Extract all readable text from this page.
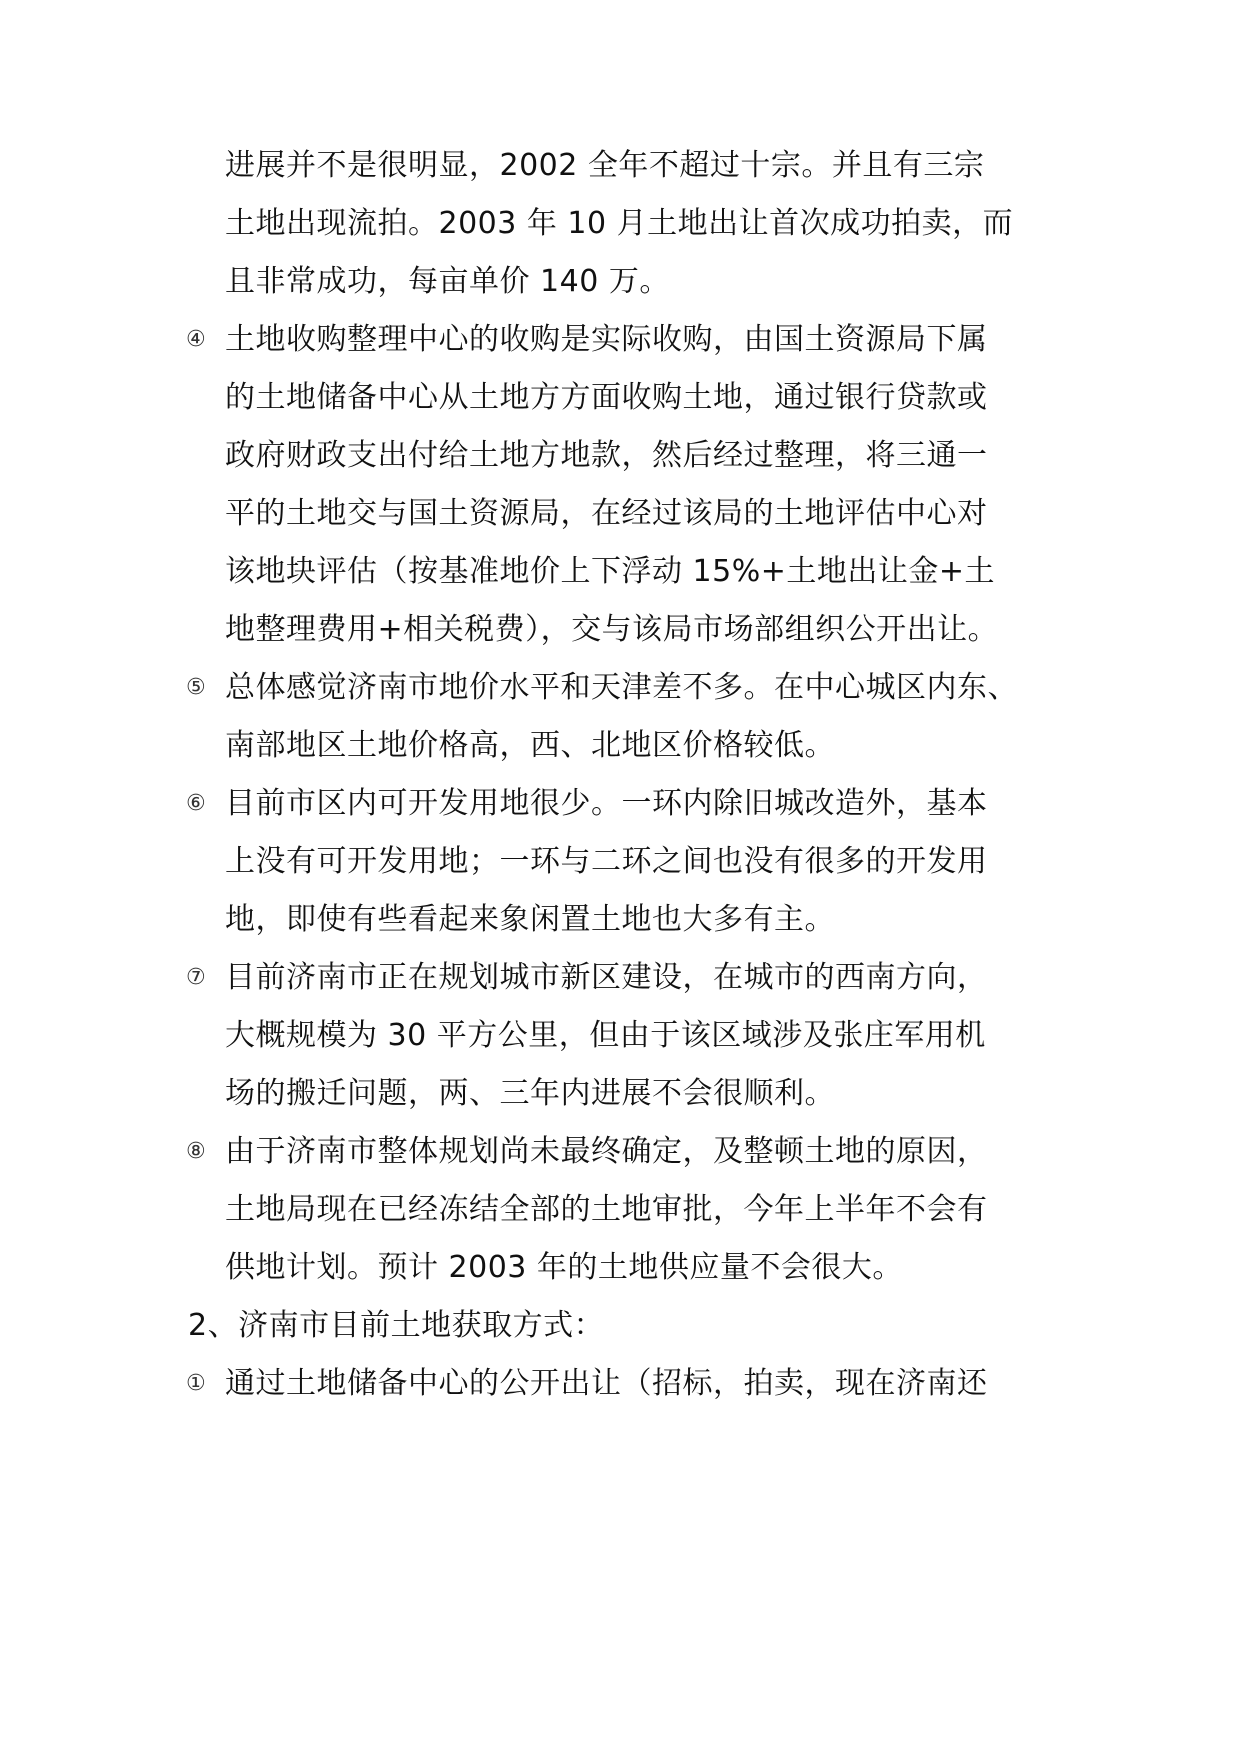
进展并不是很明显，2002 全年不超过十宗。并且有三宗
土地出现流拍。2003 年 10 月土地出让首次成功拍卖，而
且非常成功，每亩单价 140 万。
④ 土地收购整理中心的收购是实际收购，由国土资源局下属
的土地储备中心从土地方方面收购土地，通过银行贷款或
政府财政支出付给土地方地款，然后经过整理，将三通一
平的土地交与国土资源局，在经过该局的土地评估中心对
该地块评估（按基准地价上下浮动 15%+土地出让金+土
地整理费用+相关税费），交与该局市场部组织公开出让。
⑤ 总体感觉济南市地价水平和天津差不多。在中心城区内东、
南部地区土地价格高，西、北地区价格较低。
⑥ 目前市区内可开发用地很少。一环内除旧城改造外，基本
上没有可开发用地；一环与二环之间也没有很多的开发用
地，即使有些看起来象闲置土地也大多有主。
⑦ 目前济南市正在规划城市新区建设，在城市的西南方向，
大概规模为 30 平方公里，但由于该区域涉及张庄军用机
场的搬迁问题，两、三年内进展不会很顺利。
⑧ 由于济南市整体规划尚未最终确定，及整顿土地的原因，
土地局现在已经冻结全部的土地审批，今年上半年不会有
供地计划。预计 2003 年的土地供应量不会很大。
2、济南市目前土地获取方式：
① 通过土地储备中心的公开出让（招标，拍卖，现在济南还
